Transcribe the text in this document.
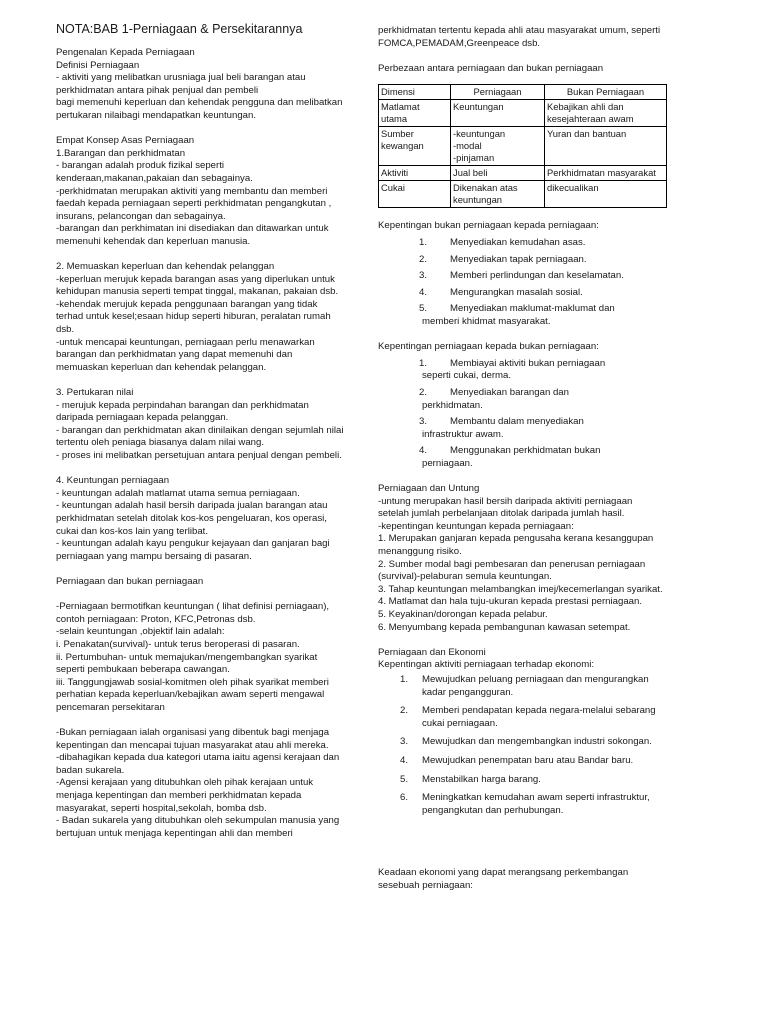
NOTA:BAB 1-Perniagaan & Persekitarannya

Pengenalan Kepada Perniagaan

Definisi Perniagaan

- aktiviti yang melibatkan urusniaga jual beli barangan atau perkhidmatan antara pihak penjual dan pembeli

bagi memenuhi keperluan dan kehendak pengguna dan melibatkan pertukaran nilaibagi mendapatkan keuntungan.

Empat Konsep Asas Perniagaan

1.Barangan dan perkhidmatan

- barangan adalah produk fizikal seperti kenderaan,makanan,pakaian dan sebagainya.

-perkhidmatan merupakan aktiviti yang membantu dan memberi faedah kepada perniagaan seperti perkhidmatan pengangkutan , insurans, pelancongan dan sebagainya.

-barangan dan perkhimatan ini disediakan dan ditawarkan untuk memenuhi kehendak dan keperluan manusia.

2. Memuaskan keperluan dan kehendak pelanggan

-keperluan merujuk kepada barangan asas yang diperlukan untuk kehidupan manusia seperti tempat tinggal, makanan, pakaian dsb.

-kehendak merujuk kepada penggunaan barangan yang tidak terhad untuk kesel;esaan hidup seperti hiburan, peralatan rumah dsb.

-untuk mencapai keuntungan, perniagaan perlu menawarkan barangan dan perkhidmatan yang dapat memenuhi dan memuaskan keperluan dan kehendak pelanggan.

3. Pertukaran nilai

- merujuk kepada perpindahan barangan dan perkhidmatan daripada perniagaan kepada pelanggan.

- barangan dan perkhidmatan akan dinilaikan dengan sejumlah nilai tertentu oleh peniaga biasanya dalam nilai wang.

- proses ini melibatkan persetujuan antara penjual dengan pembeli.

4. Keuntungan perniagaan

- keuntungan adalah matlamat utama semua perniagaan.

- keuntungan adalah hasil bersih daripada jualan barangan atau perkhidmatan setelah ditolak kos-kos pengeluaran, kos operasi, cukai dan kos-kos lain yang terlibat.

- keuntungan adalah kayu pengukur kejayaan dan ganjaran bagi perniagaan yang mampu bersaing di pasaran.

Perniagaan dan bukan perniagaan

-Perniagaan bermotifkan keuntungan ( lihat definisi perniagaan), contoh perniagaan: Proton, KFC,Petronas dsb.

-selain keuntungan ,objektif lain adalah:

i. Penakatan(survival)- untuk terus beroperasi di pasaran.

ii. Pertumbuhan- untuk memajukan/mengembangkan syarikat seperti pembukaan beberapa cawangan.

iii. Tanggungjawab sosial-komitmen oleh pihak syarikat memberi perhatian kepada keperluan/kebajikan awam seperti mengawal pencemaran persekitaran

-Bukan perniagaan ialah organisasi yang dibentuk bagi menjaga kepentingan dan mencapai tujuan masyarakat atau ahli mereka.

-dibahagikan kepada dua kategori utama iaitu agensi kerajaan dan badan sukarela.

-Agensi kerajaan yang ditubuhkan oleh pihak kerajaan untuk menjaga kepentingan dan memberi perkhidmatan kepada masyarakat, seperti hospital,sekolah, bomba dsb.

- Badan sukarela yang ditubuhkan oleh sekumpulan manusia yang bertujuan untuk menjaga kepentingan ahli dan memberi

perkhidmatan tertentu kepada ahli atau masyarakat umum, seperti FOMCA,PEMADAM,Greenpeace dsb.

Perbezaan antara perniagaan dan bukan perniagaan

Dimensi	Perniagaan	Bukan Perniagaan
Matlamat utama	Keuntungan	Kebajikan ahli dan kesejahteraan awam
Sumber kewangan	-keuntungan
-modal
-pinjaman	Yuran dan bantuan
Aktiviti	Jual beli	Perkhidmatan masyarakat
Cukai	Dikenakan atas keuntungan	dikecualikan

Kepentingan bukan perniagaan kepada perniagaan:

1.	Menyediakan kemudahan asas.
2.	Menyediakan tapak perniagaan.
3.	Memberi perlindungan dan keselamatan.
4.	Mengurangkan masalah sosial.
5.	Menyediakan maklumat-maklumat dan
memberi khidmat masyarakat.

Kepentingan perniagaan kepada bukan perniagaan:

1.	Membiayai aktiviti bukan perniagaan
seperti cukai, derma.
2.	Menyediakan barangan dan
perkhidmatan.
3.	Membantu dalam menyediakan
infrastruktur awam.
4.	Menggunakan perkhidmatan bukan
perniagaan.

Perniagaan dan Untung

-untung merupakan hasil bersih daripada aktiviti perniagaan setelah jumlah perbelanjaan ditolak daripada jumlah hasil.

-kepentingan keuntungan kepada perniagaan:

1. Merupakan ganjaran kepada pengusaha kerana kesanggupan menanggung risiko.

2. Sumber modal bagi pembesaran dan penerusan perniagaan (survival)-pelaburan semula keuntungan.

3. Tahap keuntungan melambangkan imej/kecemerlangan syarikat.

4. Matlamat dan hala tuju-ukuran kepada prestasi perniagaan.

5. Keyakinan/dorongan kepada pelabur.

6. Menyumbang kepada pembangunan kawasan setempat.

Perniagaan dan Ekonomi

Kepentingan aktiviti perniagaan terhadap ekonomi:

1.	Mewujudkan peluang perniagaan dan mengurangkan kadar pengangguran.
2.	Memberi pendapatan kepada negara-melalui sebarang cukai perniagaan.
3.	Mewujudkan dan mengembangkan industri sokongan.
4.	Mewujudkan penempatan baru atau Bandar baru.
5.	Menstabilkan harga barang.
6.	Meningkatkan kemudahan awam seperti infrastruktur, pengangkutan dan perhubungan.

Keadaan ekonomi yang dapat merangsang perkembangan sesebuah perniagaan:
